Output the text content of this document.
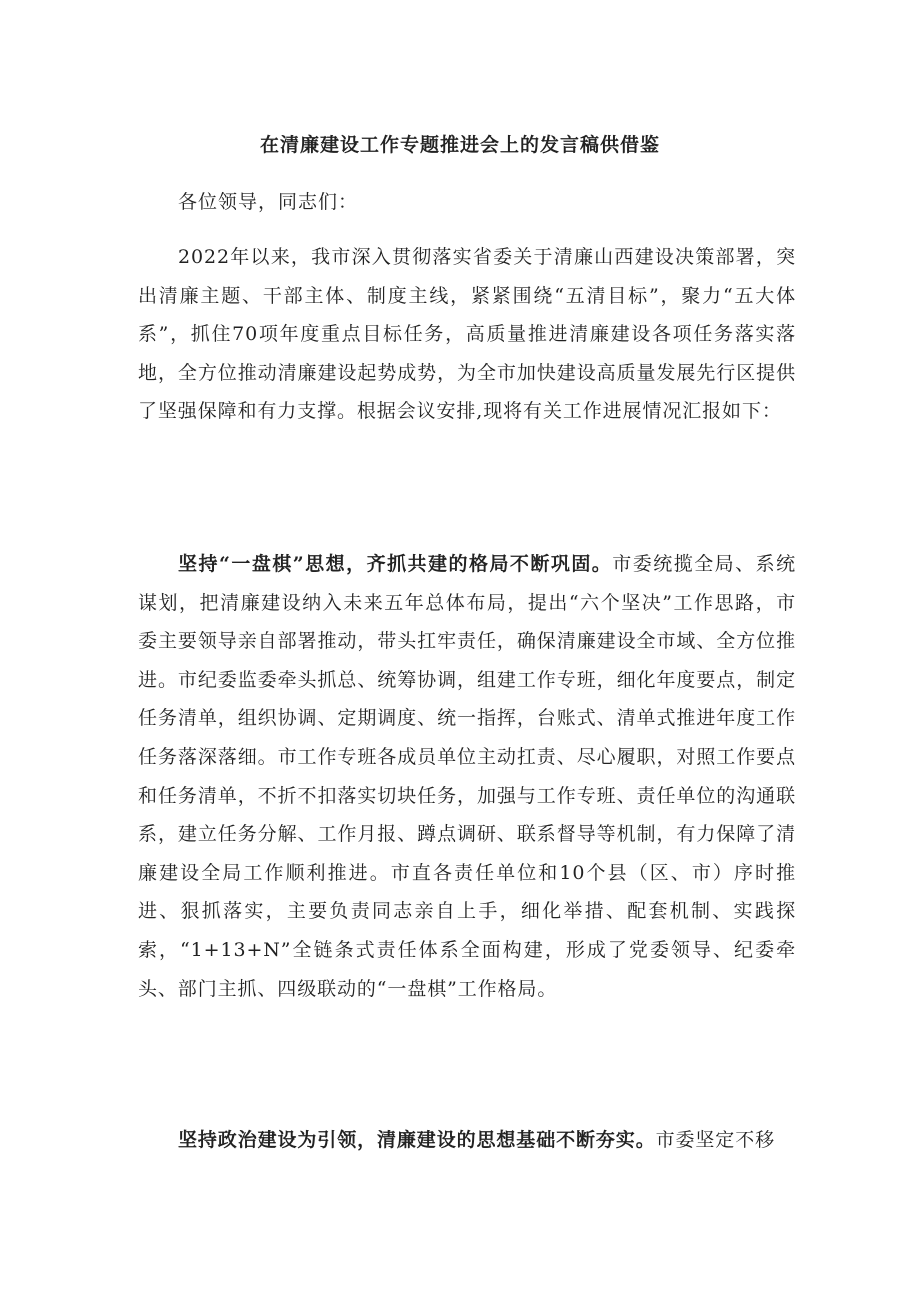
在清廉建设工作专题推进会上的发言稿供借鉴

各位领导，同志们：

2022年以来，我市深入贯彻落实省委关于清廉山西建设决策部署，突出清廉主题、干部主体、制度主线，紧紧围绕“五清目标”，聚力“五大体系”，抓住70项年度重点目标任务，高质量推进清廉建设各项任务落实落地，全方位推动清廉建设起势成势，为全市加快建设高质量发展先行区提供了坚强保障和有力支撑。根据会议安排,现将有关工作进展情况汇报如下：

坚持“一盘棋”思想，齐抓共建的格局不断巩固。市委统揽全局、系统谋划，把清廉建设纳入未来五年总体布局，提出“六个坚决”工作思路，市委主要领导亲自部署推动，带头扛牢责任，确保清廉建设全市域、全方位推进。市纪委监委牵头抓总、统筹协调，组建工作专班，细化年度要点，制定任务清单，组织协调、定期调度、统一指挥，台账式、清单式推进年度工作任务落深落细。市工作专班各成员单位主动扛责、尽心履职，对照工作要点和任务清单，不折不扣落实切块任务，加强与工作专班、责任单位的沟通联系，建立任务分解、工作月报、蹲点调研、联系督导等机制，有力保障了清廉建设全局工作顺利推进。市直各责任单位和10个县（区、市）序时推进、狠抓落实，主要负责同志亲自上手，细化举措、配套机制、实践探索，“1+13+N”全链条式责任体系全面构建，形成了党委领导、纪委牵头、部门主抓、四级联动的“一盘棋”工作格局。

坚持政治建设为引领，清廉建设的思想基础不断夯实。市委坚定不移
